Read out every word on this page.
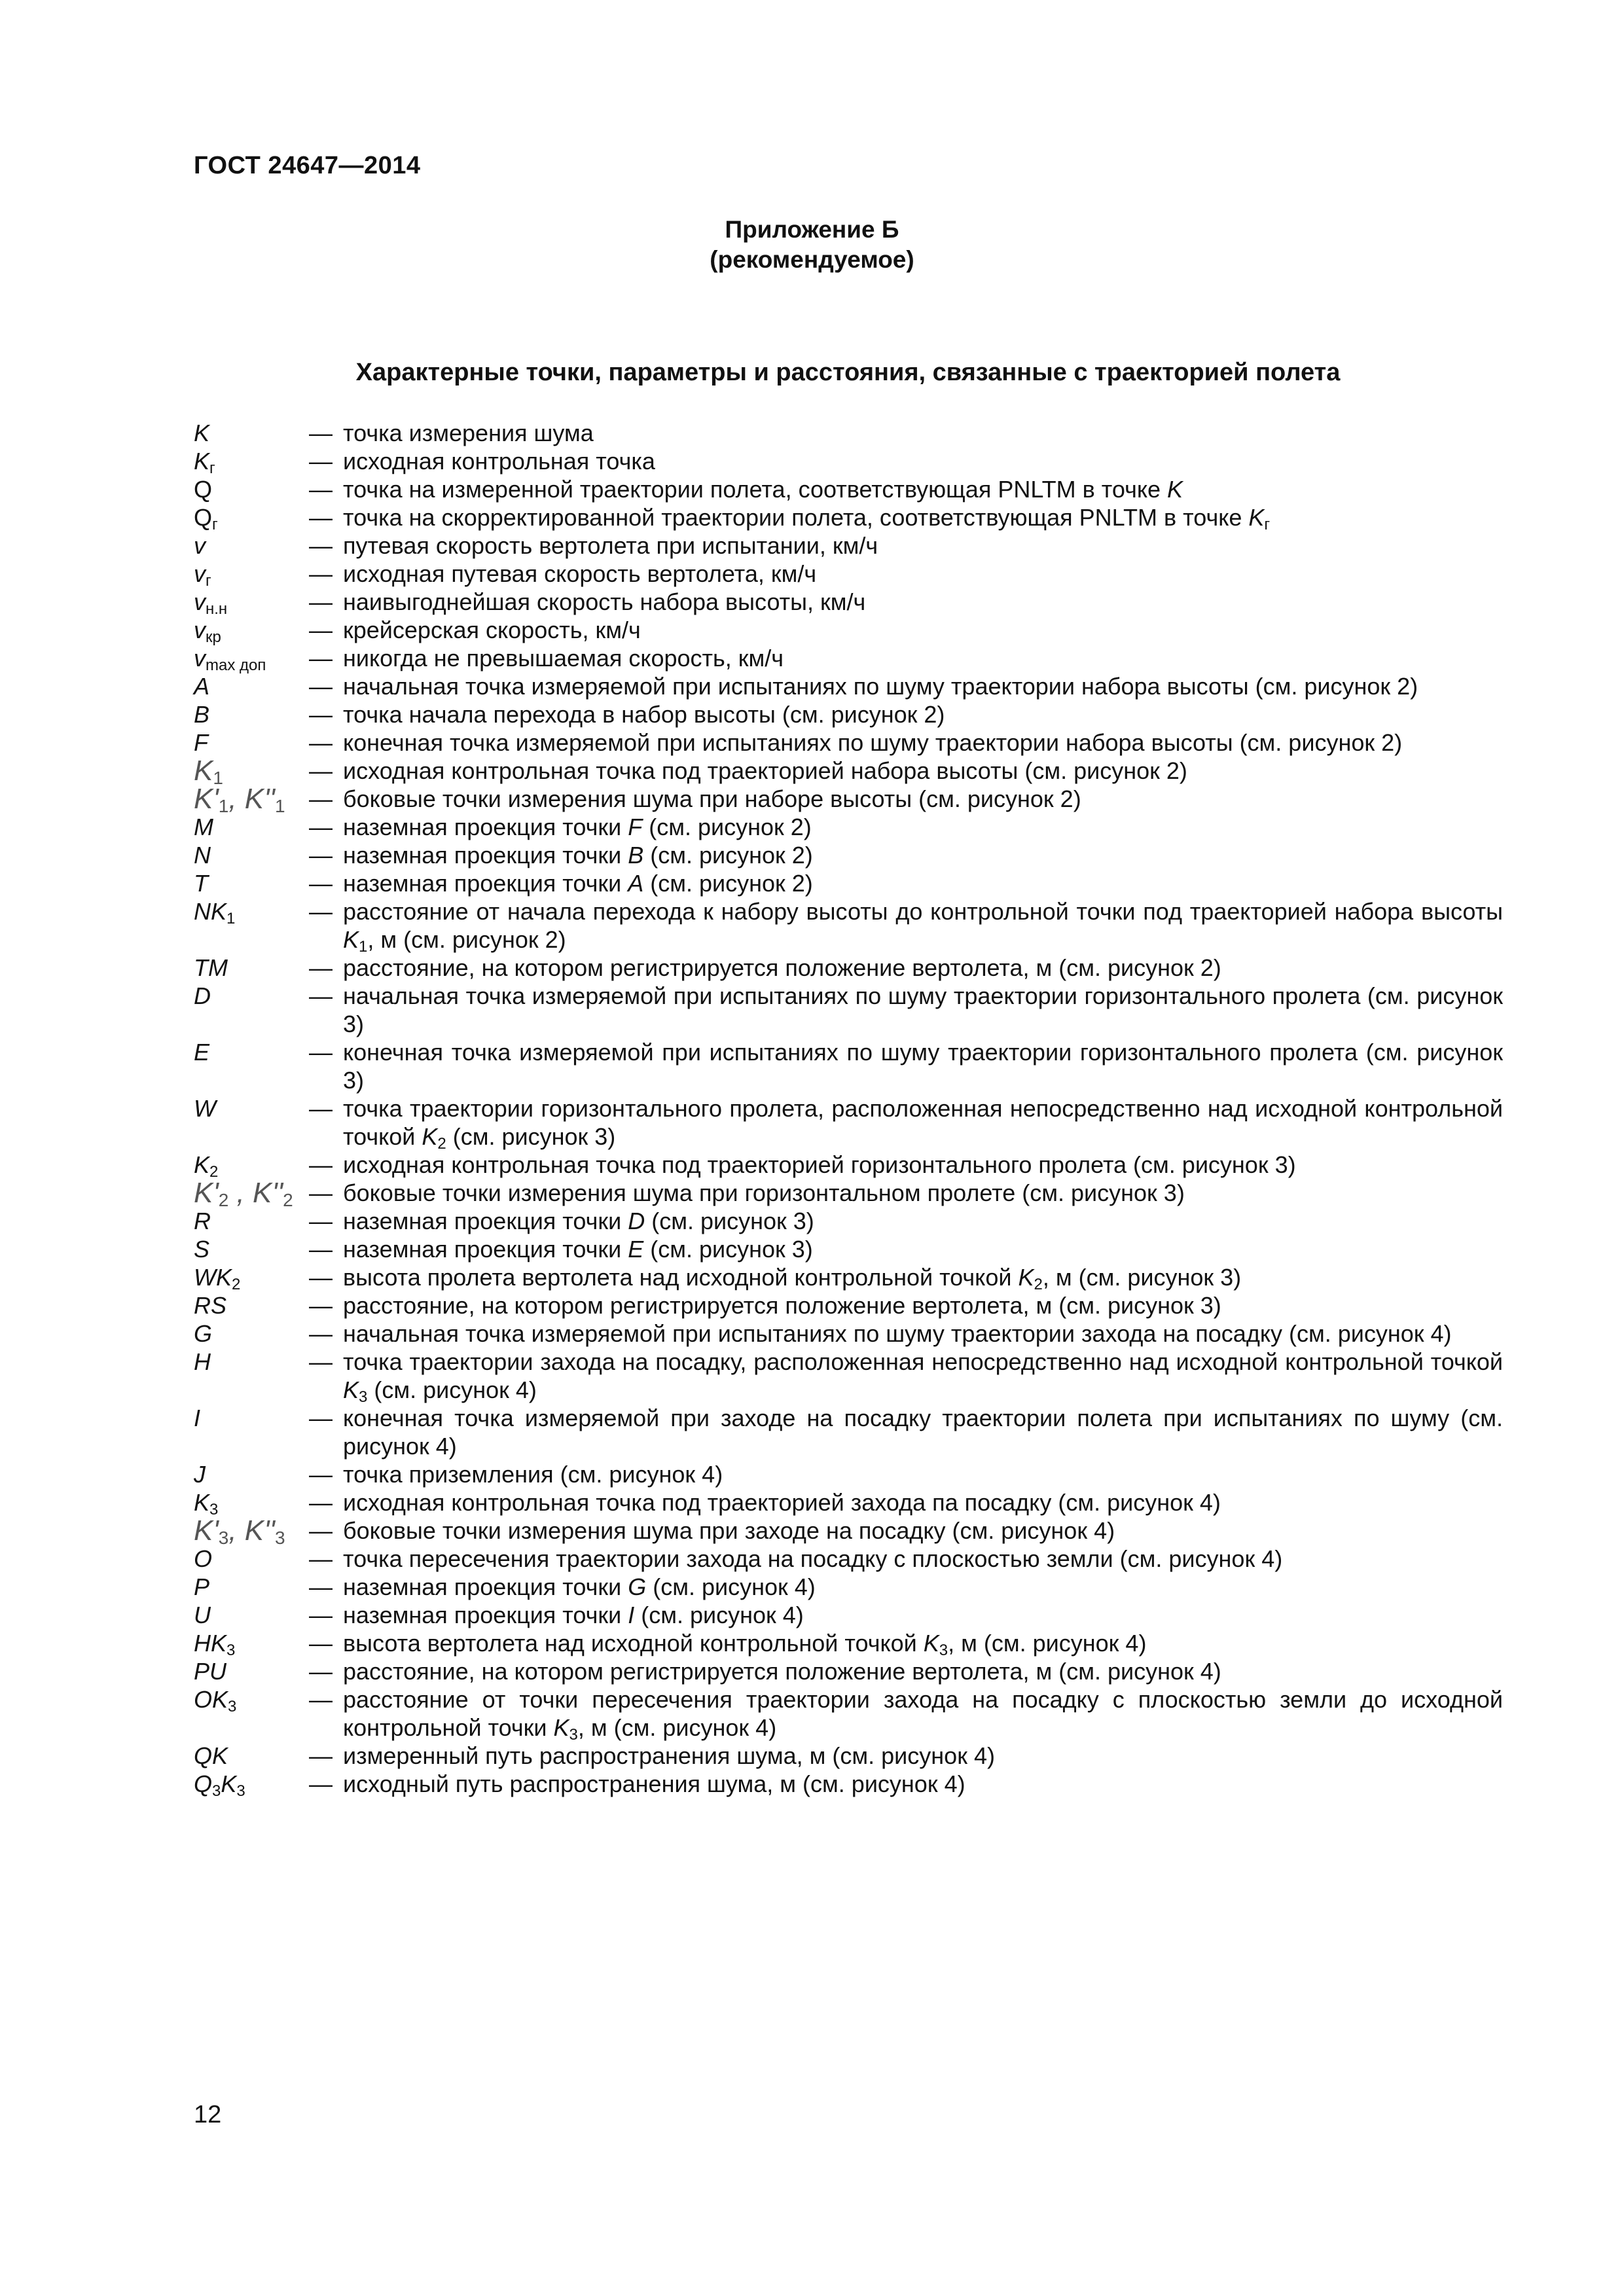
ГОСТ 24647—2014
Приложение Б
(рекомендуемое)
Характерные точки, параметры и расстояния, связанные с траекторией полета
K	— точка измерения шума
$K_г$	— исходная контрольная точка
Q	— точка на измеренной траектории полета, соответствующая PNLTM в точке K
$Q_г$	— точка на скорректированной траектории полета, соответствующая PNLTM в точке $K_г$
v	— путевая скорость вертолета при испытании, км/ч
$v_г$	— исходная путевая скорость вертолета, км/ч
$v_{н.н}$	— наивыгоднейшая скорость набора высоты, км/ч
$v_{кр}$	— крейсерская скорость, км/ч
$v_{max доп}$	— никогда не превышаемая скорость, км/ч
A	— начальная точка измеряемой при испытаниях по шуму траектории набора высоты (см. рисунок 2)
B	— точка начала перехода в набор высоты (см. рисунок 2)
F	— конечная точка измеряемой при испытаниях по шуму траектории набора высоты (см. рисунок 2)
$K_1$	— исходная контрольная точка под траекторией набора высоты (см. рисунок 2)
$K'_1$, $K''_1$	— боковые точки измерения шума при наборе высоты (см. рисунок 2)
M	— наземная проекция точки F (см. рисунок 2)
N	— наземная проекция точки B (см. рисунок 2)
T	— наземная проекция точки A (см. рисунок 2)
$NK_1$	— расстояние от начала перехода к набору высоты до контрольной точки под траекторией набора высоты $K_1$, м (см. рисунок 2)
TM	— расстояние, на котором регистрируется положение вертолета, м (см. рисунок 2)
D	— начальная точка измеряемой при испытаниях по шуму траектории горизонтального пролета (см. рисунок 3)
E	— конечная точка измеряемой при испытаниях по шуму траектории горизонтального пролета (см. рисунок 3)
W	— точка траектории горизонтального пролета, расположенная непосредственно над исходной контрольной точкой $K_2$ (см. рисунок 3)
$K_2$	— исходная контрольная точка под траекторией горизонтального пролета (см. рисунок 3)
$K'_2$ , $K''_2$ — боковые точки измерения шума при горизонтальном пролете (см. рисунок 3)
R	— наземная проекция точки D (см. рисунок 3)
S	— наземная проекция точки E (см. рисунок 3)
$WK_2$	— высота пролета вертолета над исходной контрольной точкой $K_2$, м (см. рисунок 3)
RS	— расстояние, на котором регистрируется положение вертолета, м (см. рисунок 3)
G	— начальная точка измеряемой при испытаниях по шуму траектории захода на посадку (см. рисунок 4)
H	— точка траектории захода на посадку, расположенная непосредственно над исходной контрольной точкой $K_3$ (см. рисунок 4)
I	— конечная точка измеряемой при заходе на посадку траектории полета при испытаниях по шуму (см. рисунок 4)
J	— точка приземления (см. рисунок 4)
$K_3$	— исходная контрольная точка под траекторией захода па посадку (см. рисунок 4)
$K'_3$, $K''_3$	— боковые точки измерения шума при заходе на посадку (см. рисунок 4)
O	— точка пересечения траектории захода на посадку с плоскостью земли (см. рисунок 4)
P	— наземная проекция точки G (см. рисунок 4)
U	— наземная проекция точки I (см. рисунок 4)
$HK_3$	— высота вертолета над исходной контрольной точкой $K_3$, м (см. рисунок 4)
PU	— расстояние, на котором регистрируется положение вертолета, м (см. рисунок 4)
$OK_3$	— расстояние от точки пересечения траектории захода на посадку с плоскостью земли до исходной контрольной точки $K_3$, м (см. рисунок 4)
QK	— измеренный путь распространения шума, м (см. рисунок 4)
$Q_3K_3$	— исходный путь распространения шума, м (см. рисунок 4)
12
